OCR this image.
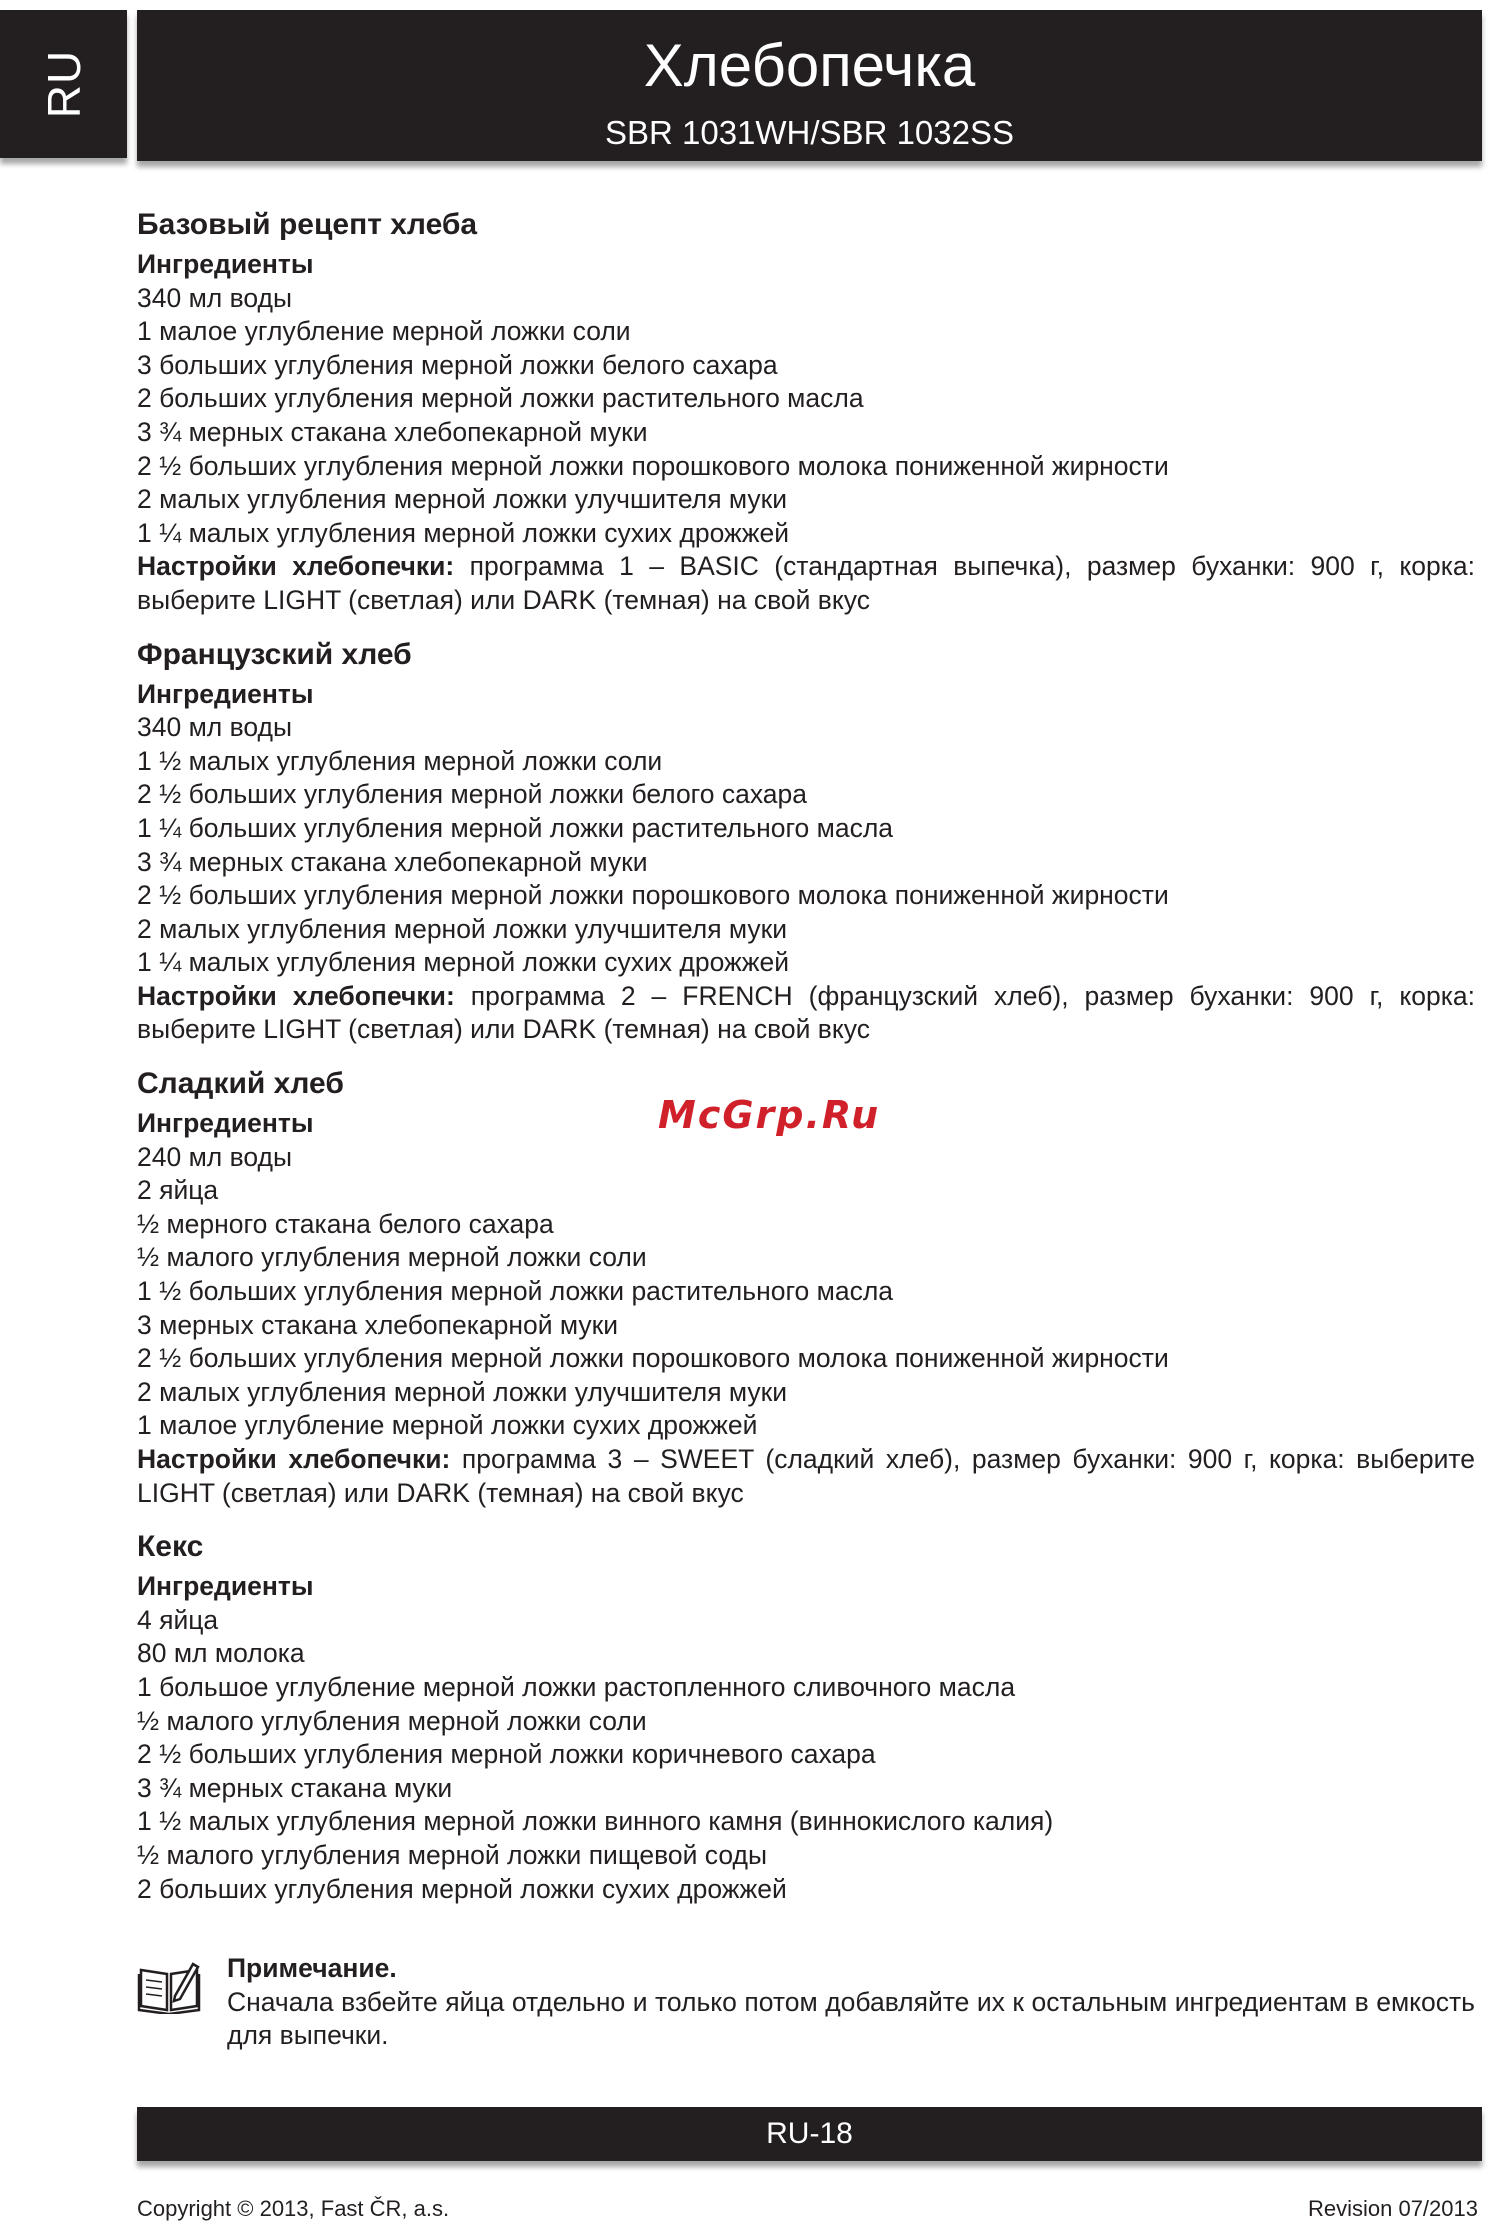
RU	Хлебопечка
SBR 1031WH/SBR 1032SS
Базовый рецепт хлеба
Ингредиенты
340 мл воды
1 малое углубление мерной ложки соли
3 больших углубления мерной ложки белого сахара
2 больших углубления мерной ложки растительного масла
3 ¾ мерных стакана хлебопекарной муки
2 ½ больших углубления мерной ложки порошкового молока пониженной жирности
2 малых углубления мерной ложки улучшителя муки
1 ¼ малых углубления мерной ложки сухих дрожжей

Настройки хлебопечки: программа 1 – BASIC (стандартная выпечка), размер буханки: 900 г, корка: выберите LIGHT (светлая) или DARK (темная) на свой вкус

Французский хлеб
Ингредиенты
340 мл воды
1 ½ малых углубления мерной ложки соли
2 ½ больших углубления мерной ложки белого сахара
1 ¼ больших углубления мерной ложки растительного масла
3 ¾ мерных стакана хлебопекарной муки
2 ½ больших углубления мерной ложки порошкового молока пониженной жирности
2 малых углубления мерной ложки улучшителя муки
1 ¼ малых углубления мерной ложки сухих дрожжей

Настройки хлебопечки: программа 2 – FRENCH (французский хлеб), размер буханки: 900 г, корка: выберите LIGHT (светлая) или DARK (темная) на свой вкус

Сладкий хлеб
Ингредиенты
240 мл воды
2 яйца
½ мерного стакана белого сахара
½ малого углубления мерной ложки соли
1 ½ больших углубления мерной ложки растительного масла
3 мерных стакана хлебопекарной муки
2 ½ больших углубления мерной ложки порошкового молока пониженной жирности
2 малых углубления мерной ложки улучшителя муки
1 малое углубление мерной ложки сухих дрожжей

Настройки хлебопечки: программа 3 – SWEET (сладкий хлеб), размер буханки: 900 г, корка: выберите LIGHT (светлая) или DARK (темная) на свой вкус

Кекс
Ингредиенты
4 яйца
80 мл молока
1 большое углубление мерной ложки растопленного сливочного масла
½ малого углубления мерной ложки соли
2 ½ больших углубления мерной ложки коричневого сахара
3 ¾ мерных стакана муки
1 ½ малых углубления мерной ложки винного камня (виннокислого калия)
½ малого углубления мерной ложки пищевой соды
2 больших углубления мерной ложки сухих дрожжей
McGrp.Ru
Примечание.
Сначала взбейте яйца отдельно и только потом добавляйте их к остальным ингредиентам в емкость для выпечки.
RU-18
Copyright © 2013, Fast ČR, a.s.	Revision 07/2013
